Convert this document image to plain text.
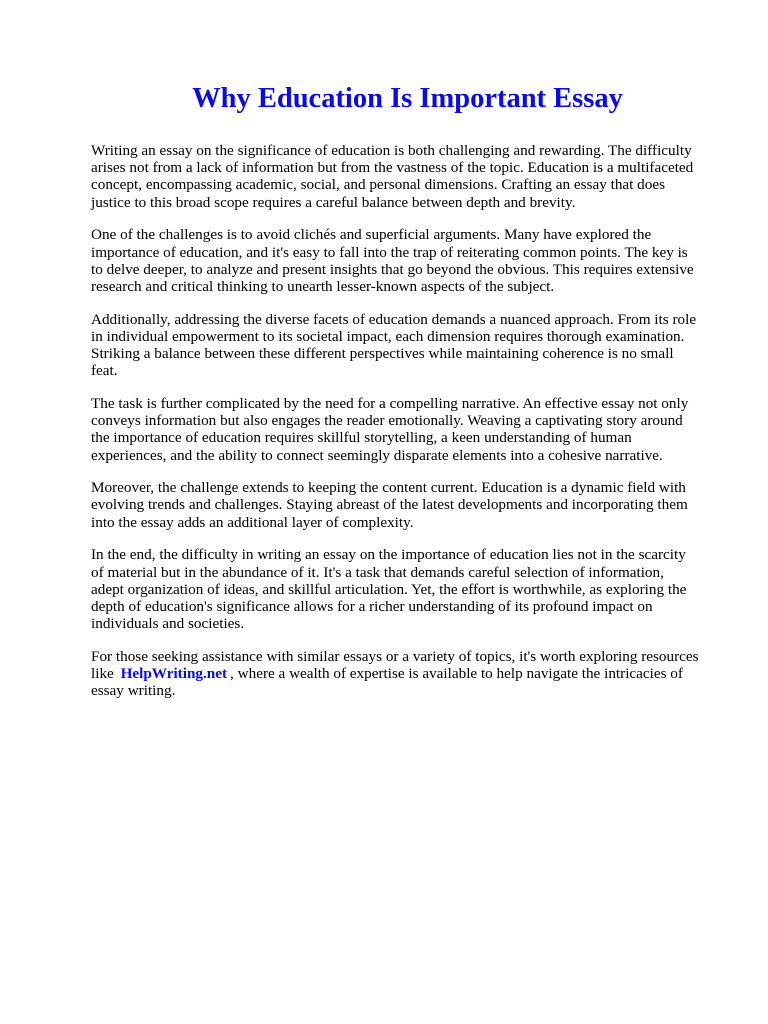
Why Education Is Important Essay

Writing an essay on the significance of education is both challenging and rewarding. The difficulty arises not from a lack of information but from the vastness of the topic. Education is a multifaceted concept, encompassing academic, social, and personal dimensions. Crafting an essay that does justice to this broad scope requires a careful balance between depth and brevity.

One of the challenges is to avoid clichés and superficial arguments. Many have explored the importance of education, and it's easy to fall into the trap of reiterating common points. The key is to delve deeper, to analyze and present insights that go beyond the obvious. This requires extensive research and critical thinking to unearth lesser-known aspects of the subject.

Additionally, addressing the diverse facets of education demands a nuanced approach. From its role in individual empowerment to its societal impact, each dimension requires thorough examination. Striking a balance between these different perspectives while maintaining coherence is no small feat.

The task is further complicated by the need for a compelling narrative. An effective essay not only conveys information but also engages the reader emotionally. Weaving a captivating story around the importance of education requires skillful storytelling, a keen understanding of human experiences, and the ability to connect seemingly disparate elements into a cohesive narrative.

Moreover, the challenge extends to keeping the content current. Education is a dynamic field with evolving trends and challenges. Staying abreast of the latest developments and incorporating them into the essay adds an additional layer of complexity.

In the end, the difficulty in writing an essay on the importance of education lies not in the scarcity of material but in the abundance of it. It's a task that demands careful selection of information, adept organization of ideas, and skillful articulation. Yet, the effort is worthwhile, as exploring the depth of education's significance allows for a richer understanding of its profound impact on individuals and societies.

For those seeking assistance with similar essays or a variety of topics, it's worth exploring resources like HelpWriting.net , where a wealth of expertise is available to help navigate the intricacies of essay writing.
